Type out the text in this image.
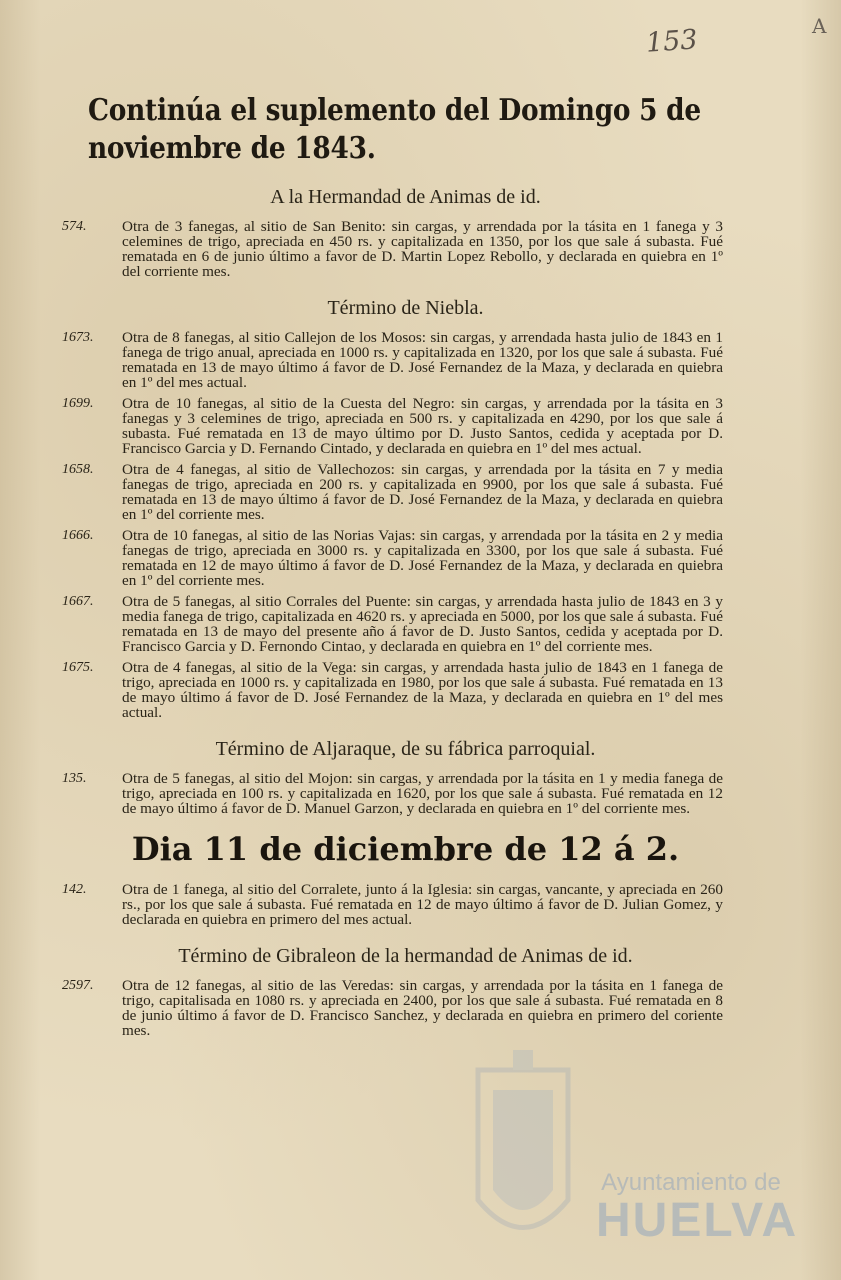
153	A
Ayuntamiento de
HUELVA
Continúa el suplemento del Domingo 5 de noviembre de 1843.
A la Hermandad de Animas de id.
574. Otra de 3 fanegas, al sitio de San Benito: sin cargas, y arrendada por la tásita en 1 fanega y 3 celemines de trigo, apreciada en 450 rs. y capitalizada en 1350, por los que sale á subasta. Fué rematada en 6 de junio último a favor de D. Martin Lopez Rebollo, y declarada en quiebra en 1º del corriente mes.

Término de Niebla.
1673. Otra de 8 fanegas, al sitio Callejon de los Mosos: sin cargas, y arrendada hasta julio de 1843 en 1 fanega de trigo anual, apreciada en 1000 rs. y capitalizada en 1320, por los que sale á subasta. Fué rematada en 13 de mayo último á favor de D. José Fernandez de la Maza, y declarada en quiebra en 1º del mes actual.

1699. Otra de 10 fanegas, al sitio de la Cuesta del Negro: sin cargas, y arrendada por la tásita en 3 fanegas y 3 celemines de trigo, apreciada en 500 rs. y capitalizada en 4290, por los que sale á subasta. Fué rematada en 13 de mayo último por D. Justo Santos, cedida y aceptada por D. Francisco Garcia y D. Fernando Cintado, y declarada en quiebra en 1º del mes actual.

1658. Otra de 4 fanegas, al sitio de Vallechozos: sin cargas, y arrendada por la tásita en 7 y media fanegas de trigo, apreciada en 200 rs. y capitalizada en 9900, por los que sale á subasta. Fué rematada en 13 de mayo último á favor de D. José Fernandez de la Maza, y declarada en quiebra en 1º del corriente mes.

1666. Otra de 10 fanegas, al sitio de las Norias Vajas: sin cargas, y arrendada por la tásita en 2 y media fanegas de trigo, apreciada en 3000 rs. y capitalizada en 3300, por los que sale á subasta. Fué rematada en 12 de mayo último á favor de D. José Fernandez de la Maza, y declarada en quiebra en 1º del corriente mes.

1667. Otra de 5 fanegas, al sitio Corrales del Puente: sin cargas, y arrendada hasta julio de 1843 en 3 y media fanega de trigo, capitalizada en 4620 rs. y apreciada en 5000, por los que sale á subasta. Fué rematada en 13 de mayo del presente año á favor de D. Justo Santos, cedida y aceptada por D. Francisco Garcia y D. Fernondo Cintao, y declarada en quiebra en 1º del corriente mes.

1675. Otra de 4 fanegas, al sitio de la Vega: sin cargas, y arrendada hasta julio de 1843 en 1 fanega de trigo, apreciada en 1000 rs. y capitalizada en 1980, por los que sale á subasta. Fué rematada en 13 de mayo último á favor de D. José Fernandez de la Maza, y declarada en quiebra en 1º del mes actual.

Término de Aljaraque, de su fábrica parroquial.
135. Otra de 5 fanegas, al sitio del Mojon: sin cargas, y arrendada por la tásita en 1 y media fanega de trigo, apreciada en 100 rs. y capitalizada en 1620, por los que sale á subasta. Fué rematada en 12 de mayo último á favor de D. Manuel Garzon, y declarada en quiebra en 1º del corriente mes.

Dia 11 de diciembre de 12 á 2.
142. Otra de 1 fanega, al sitio del Corralete, junto á la Iglesia: sin cargas, vancante, y apreciada en 260 rs., por los que sale á subasta. Fué rematada en 12 de mayo último á favor de D. Julian Gomez, y declarada en quiebra en primero del mes actual.

Término de Gibraleon de la hermandad de Animas de id.
2597. Otra de 12 fanegas, al sitio de las Veredas: sin cargas, y arrendada por la tásita en 1 fanega de trigo, capitalisada en 1080 rs. y apreciada en 2400, por los que sale á subasta. Fué rematada en 8 de junio último á favor de D. Francisco Sanchez, y declarada en quiebra en primero del coriente mes.
